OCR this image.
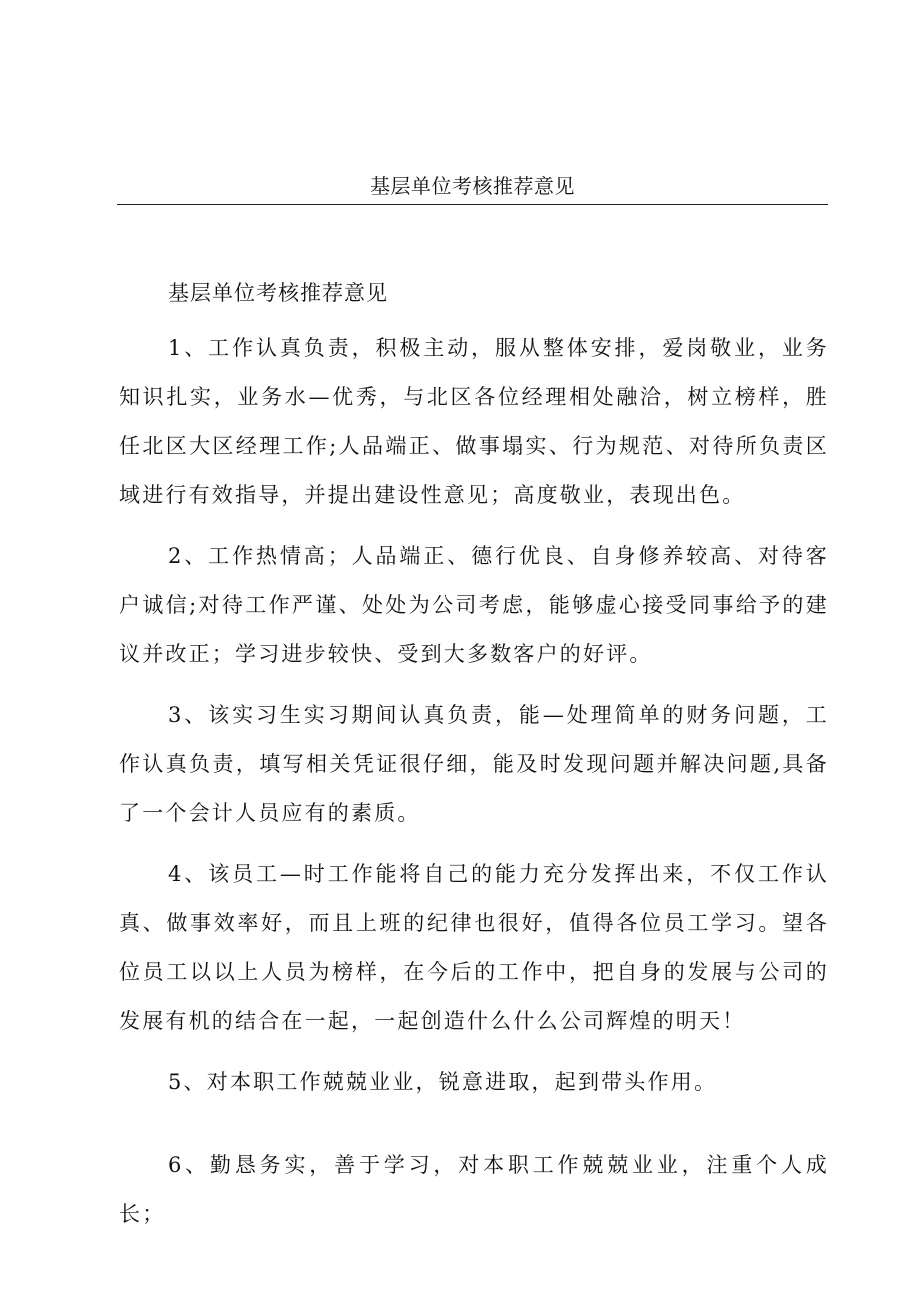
基层单位考核推荐意见

基层单位考核推荐意见

1、工作认真负责，积极主动，服从整体安排，爱岗敬业，业务知识扎实，业务水—优秀，与北区各位经理相处融洽，树立榜样，胜任北区大区经理工作;人品端正、做事塌实、行为规范、对待所负责区域进行有效指导，并提出建设性意见；高度敬业，表现出色。

2、工作热情高；人品端正、德行优良、自身修养较高、对待客户诚信;对待工作严谨、处处为公司考虑，能够虚心接受同事给予的建议并改正；学习进步较快、受到大多数客户的好评。

3、该实习生实习期间认真负责，能—处理简单的财务问题，工作认真负责，填写相关凭证很仔细，能及时发现问题并解决问题,具备了一个会计人员应有的素质。

4、该员工—时工作能将自己的能力充分发挥出来，不仅工作认真、做事效率好，而且上班的纪律也很好，值得各位员工学习。望各位员工以以上人员为榜样，在今后的工作中，把自身的发展与公司的发展有机的结合在一起，一起创造什么什么公司辉煌的明天！

5、对本职工作兢兢业业，锐意进取，起到带头作用。

6、勤恳务实，善于学习，对本职工作兢兢业业，注重个人成长；
